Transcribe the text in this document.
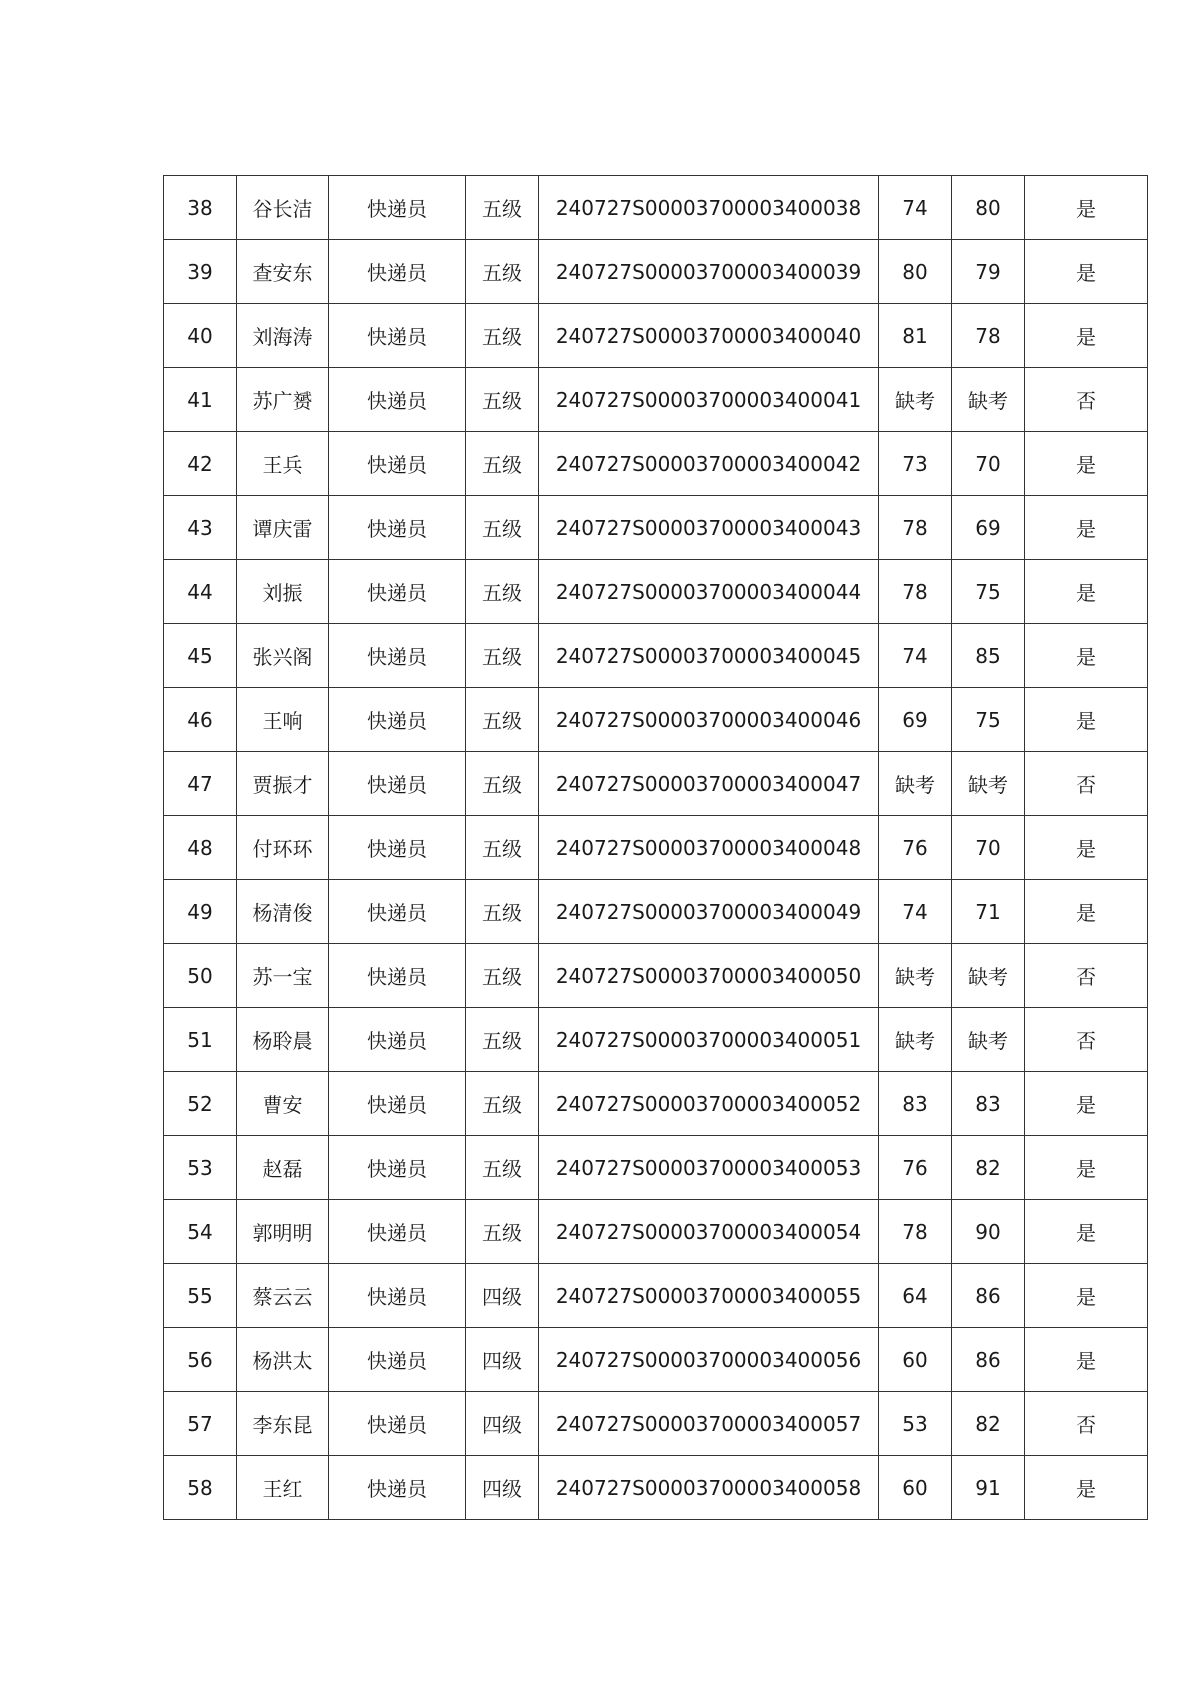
38	谷长洁	快递员	五级	240727S00003700003400038	74	80	是
39	查安东	快递员	五级	240727S00003700003400039	80	79	是
40	刘海涛	快递员	五级	240727S00003700003400040	81	78	是
41	苏广赟	快递员	五级	240727S00003700003400041	缺考	缺考	否
42	王兵	快递员	五级	240727S00003700003400042	73	70	是
43	谭庆雷	快递员	五级	240727S00003700003400043	78	69	是
44	刘振	快递员	五级	240727S00003700003400044	78	75	是
45	张兴阁	快递员	五级	240727S00003700003400045	74	85	是
46	王响	快递员	五级	240727S00003700003400046	69	75	是
47	贾振才	快递员	五级	240727S00003700003400047	缺考	缺考	否
48	付环环	快递员	五级	240727S00003700003400048	76	70	是
49	杨清俊	快递员	五级	240727S00003700003400049	74	71	是
50	苏一宝	快递员	五级	240727S00003700003400050	缺考	缺考	否
51	杨聆晨	快递员	五级	240727S00003700003400051	缺考	缺考	否
52	曹安	快递员	五级	240727S00003700003400052	83	83	是
53	赵磊	快递员	五级	240727S00003700003400053	76	82	是
54	郭明明	快递员	五级	240727S00003700003400054	78	90	是
55	蔡云云	快递员	四级	240727S00003700003400055	64	86	是
56	杨洪太	快递员	四级	240727S00003700003400056	60	86	是
57	李东昆	快递员	四级	240727S00003700003400057	53	82	否
58	王红	快递员	四级	240727S00003700003400058	60	91	是
